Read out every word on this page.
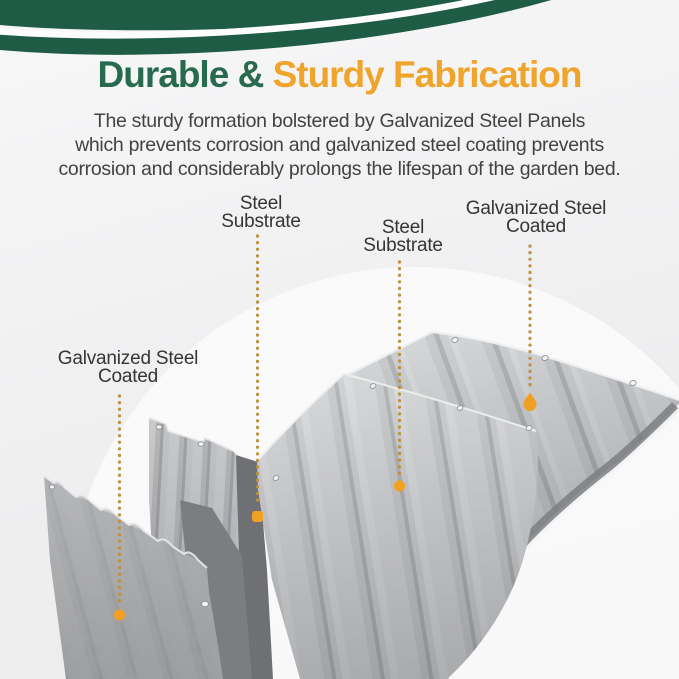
Durable & Sturdy Fabrication
The sturdy formation bolstered by Galvanized Steel Panels
which prevents corrosion and galvanized steel coating prevents
corrosion and considerably prolongs the lifespan of the garden bed.
Steel
Substrate	Steel
Substrate
Galvanized Steel
Coated
Galvanized Steel
Coated
